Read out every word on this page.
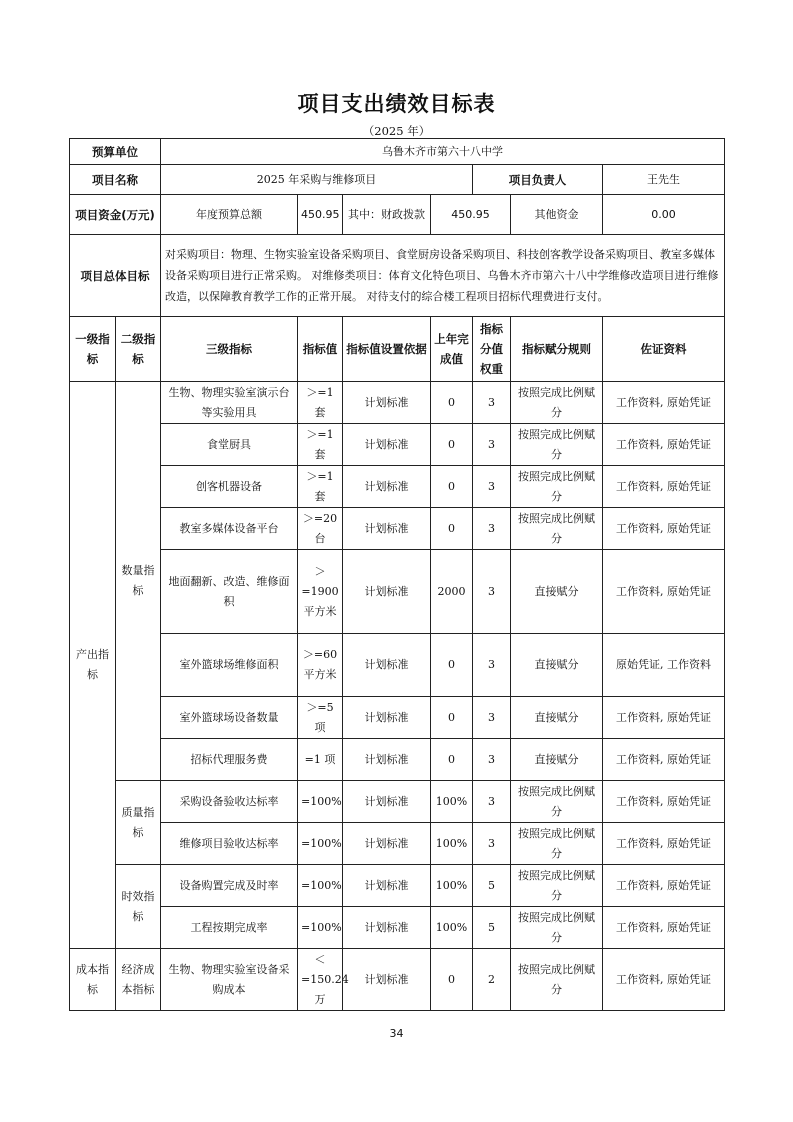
项目支出绩效目标表
（2025 年）
预算单位		乌鲁木齐市第六十八中学						
项目名称		2025 年采购与维修项目				项目负责人		王先生
项目资金(万元)		年度预算总额	450.95	其中：财政拨款	450.95		其他资金	0.00
项目总体目标		对采购项目：物理、生物实验室设备采购项目、食堂厨房设备采购项目、科技创客教学设备采购项目、教室多媒体设备采购项目进行正常采购。 对维修类项目：体育文化特色项目、乌鲁木齐市第六十八中学维修改造项目进行维修改造，以保障教育教学工作的正常开展。 对待支付的综合楼工程项目招标代理费进行支付。						
一级指标	二级指标	三级指标	指标值	指标值设置依据	上年完成值	指标分值权重	指标赋分规则	佐证资料
产出指标	数量指标	生物、物理实验室演示台等实验用具	＞=1套	计划标准	0	3	按照完成比例赋分	工作资料, 原始凭证
		食堂厨具	＞=1套	计划标准	0	3	按照完成比例赋分	工作资料, 原始凭证
		创客机器设备	＞=1套	计划标准	0	3	按照完成比例赋分	工作资料, 原始凭证
		教室多媒体设备平台	＞=20台	计划标准	0	3	按照完成比例赋分	工作资料, 原始凭证
		地面翻新、改造、维修面积	＞=1900平方米	计划标准	2000	3	直接赋分	工作资料, 原始凭证
		室外篮球场维修面积	＞=60平方米	计划标准	0	3	直接赋分	原始凭证, 工作资料
		室外篮球场设备数量	＞=5项	计划标准	0	3	直接赋分	工作资料, 原始凭证
		招标代理服务费	=1 项	计划标准	0	3	直接赋分	工作资料, 原始凭证
	质量指标	采购设备验收达标率	=100%	计划标准	100%	3	按照完成比例赋分	工作资料, 原始凭证
		维修项目验收达标率	=100%	计划标准	100%	3	按照完成比例赋分	工作资料, 原始凭证
	时效指标	设备购置完成及时率	=100%	计划标准	100%	5	按照完成比例赋分	工作资料, 原始凭证
		工程按期完成率	=100%	计划标准	100%	5	按照完成比例赋分	工作资料, 原始凭证
成本指标	经济成本指标	生物、物理实验室设备采购成本	＜=150.24万	计划标准	0	2	按照完成比例赋分	工作资料, 原始凭证
34
